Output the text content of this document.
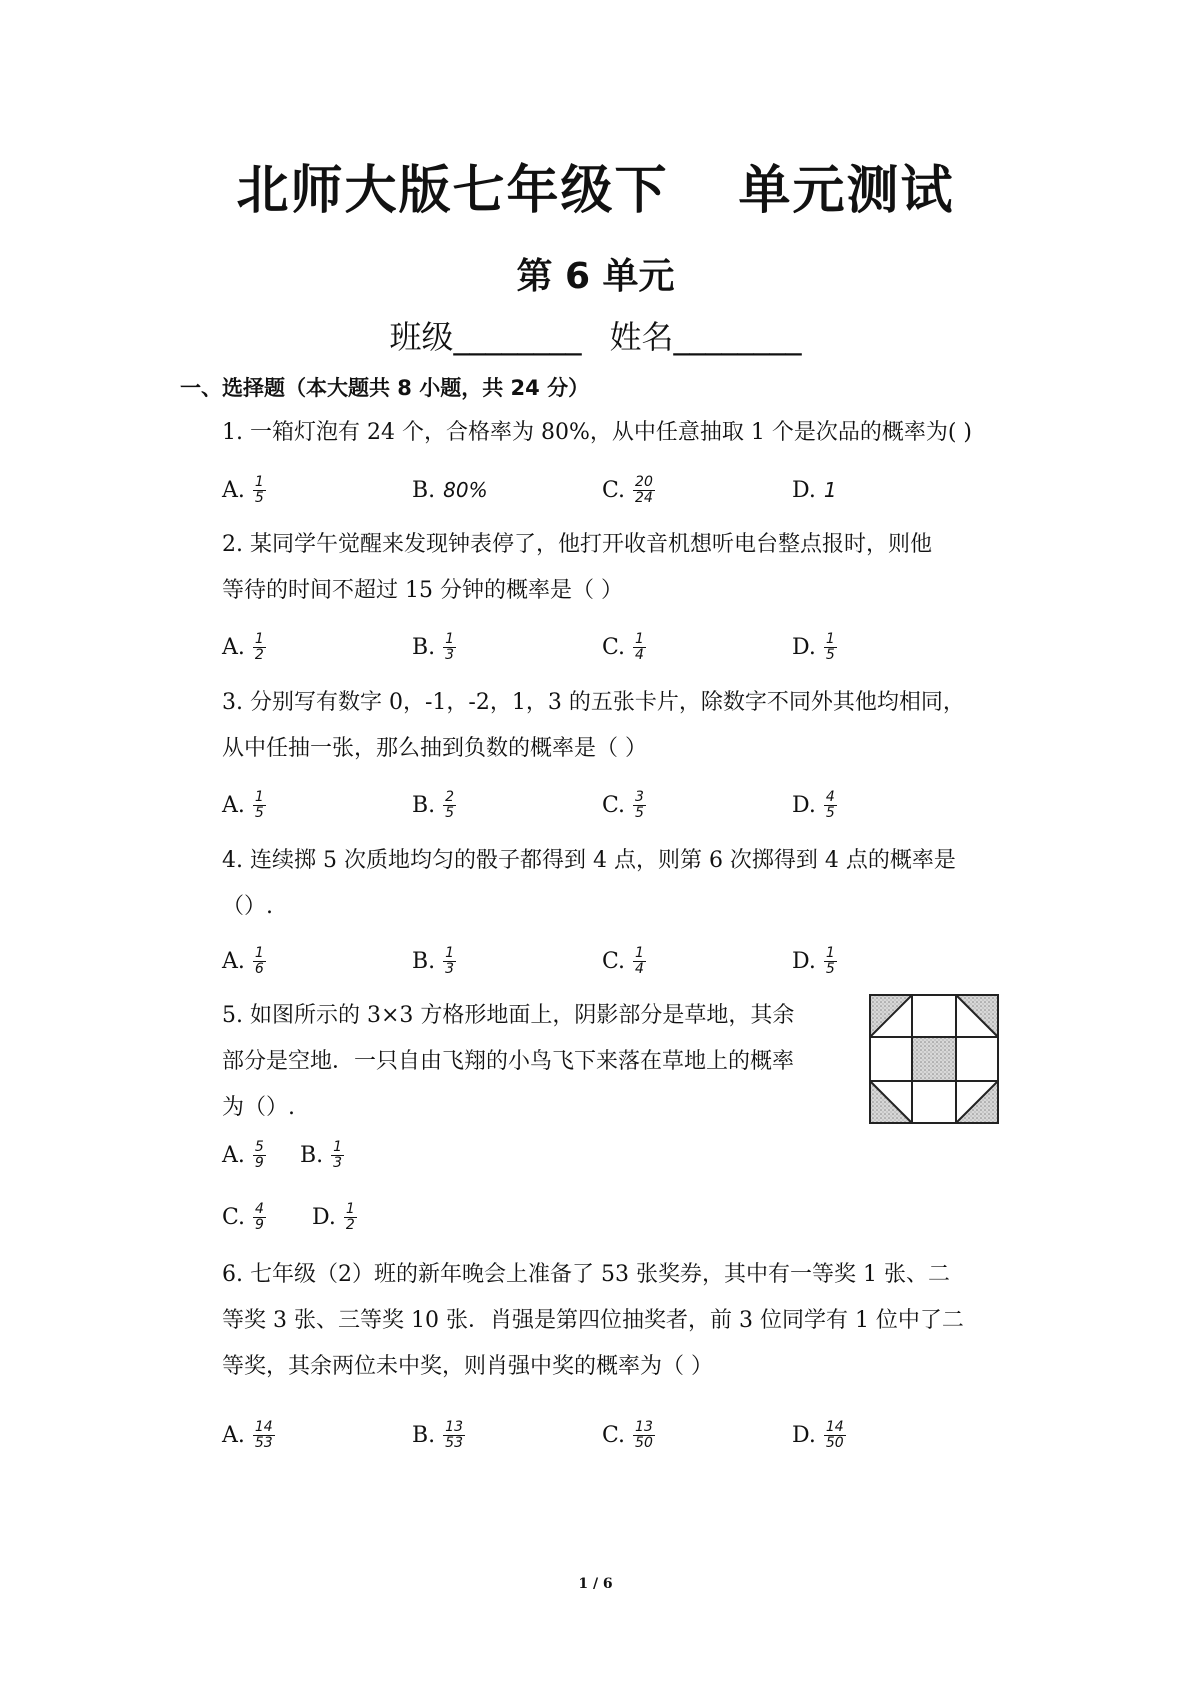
北师大版七年级下 单元测试
第 6 单元
班级________ 姓名________
一、选择题（本大题共 8 小题，共 24 分）
1. 一箱灯泡有 24 个，合格率为 80%，从中任意抽取 1 个是次品的概率为( )
A. $\frac{1}{5}$	B. 80%	C. $\frac{20}{24}$	D. 1
2. 某同学午觉醒来发现钟表停了，他打开收音机想听电台整点报时，则他
等待的时间不超过 15 分钟的概率是（ ）
A. $\frac{1}{2}$	B. $\frac{1}{3}$	C. $\frac{1}{4}$	D. $\frac{1}{5}$
3. 分别写有数字 0，-1，-2，1，3 的五张卡片，除数字不同外其他均相同，
从中任抽一张，那么抽到负数的概率是（ ）
A. $\frac{1}{5}$	B. $\frac{2}{5}$	C. $\frac{3}{5}$	D. $\frac{4}{5}$
4. 连续掷 5 次质地均匀的骰子都得到 4 点，则第 6 次掷得到 4 点的概率是
（）.
A. $\frac{1}{6}$	B. $\frac{1}{3}$	C. $\frac{1}{4}$	D. $\frac{1}{5}$
5. 如图所示的 3×3 方格形地面上，阴影部分是草地，其余
部分是空地．一只自由飞翔的小鸟飞下来落在草地上的概率
为（）.
A. $\frac{5}{9} B$. $\frac{1}{3}$
C. $\frac{4}{9} D$. $\frac{1}{2}$
6. 七年级（2）班的新年晚会上准备了 53 张奖券，其中有一等奖 1 张、二
等奖 3 张、三等奖 10 张．肖强是第四位抽奖者，前 3 位同学有 1 位中了二
等奖，其余两位未中奖，则肖强中奖的概率为（ ）
A. $\frac{14}{53}$	B. $\frac{13}{53}$	C. $\frac{13}{50}$	D. $\frac{14}{50}$
1 / 6
